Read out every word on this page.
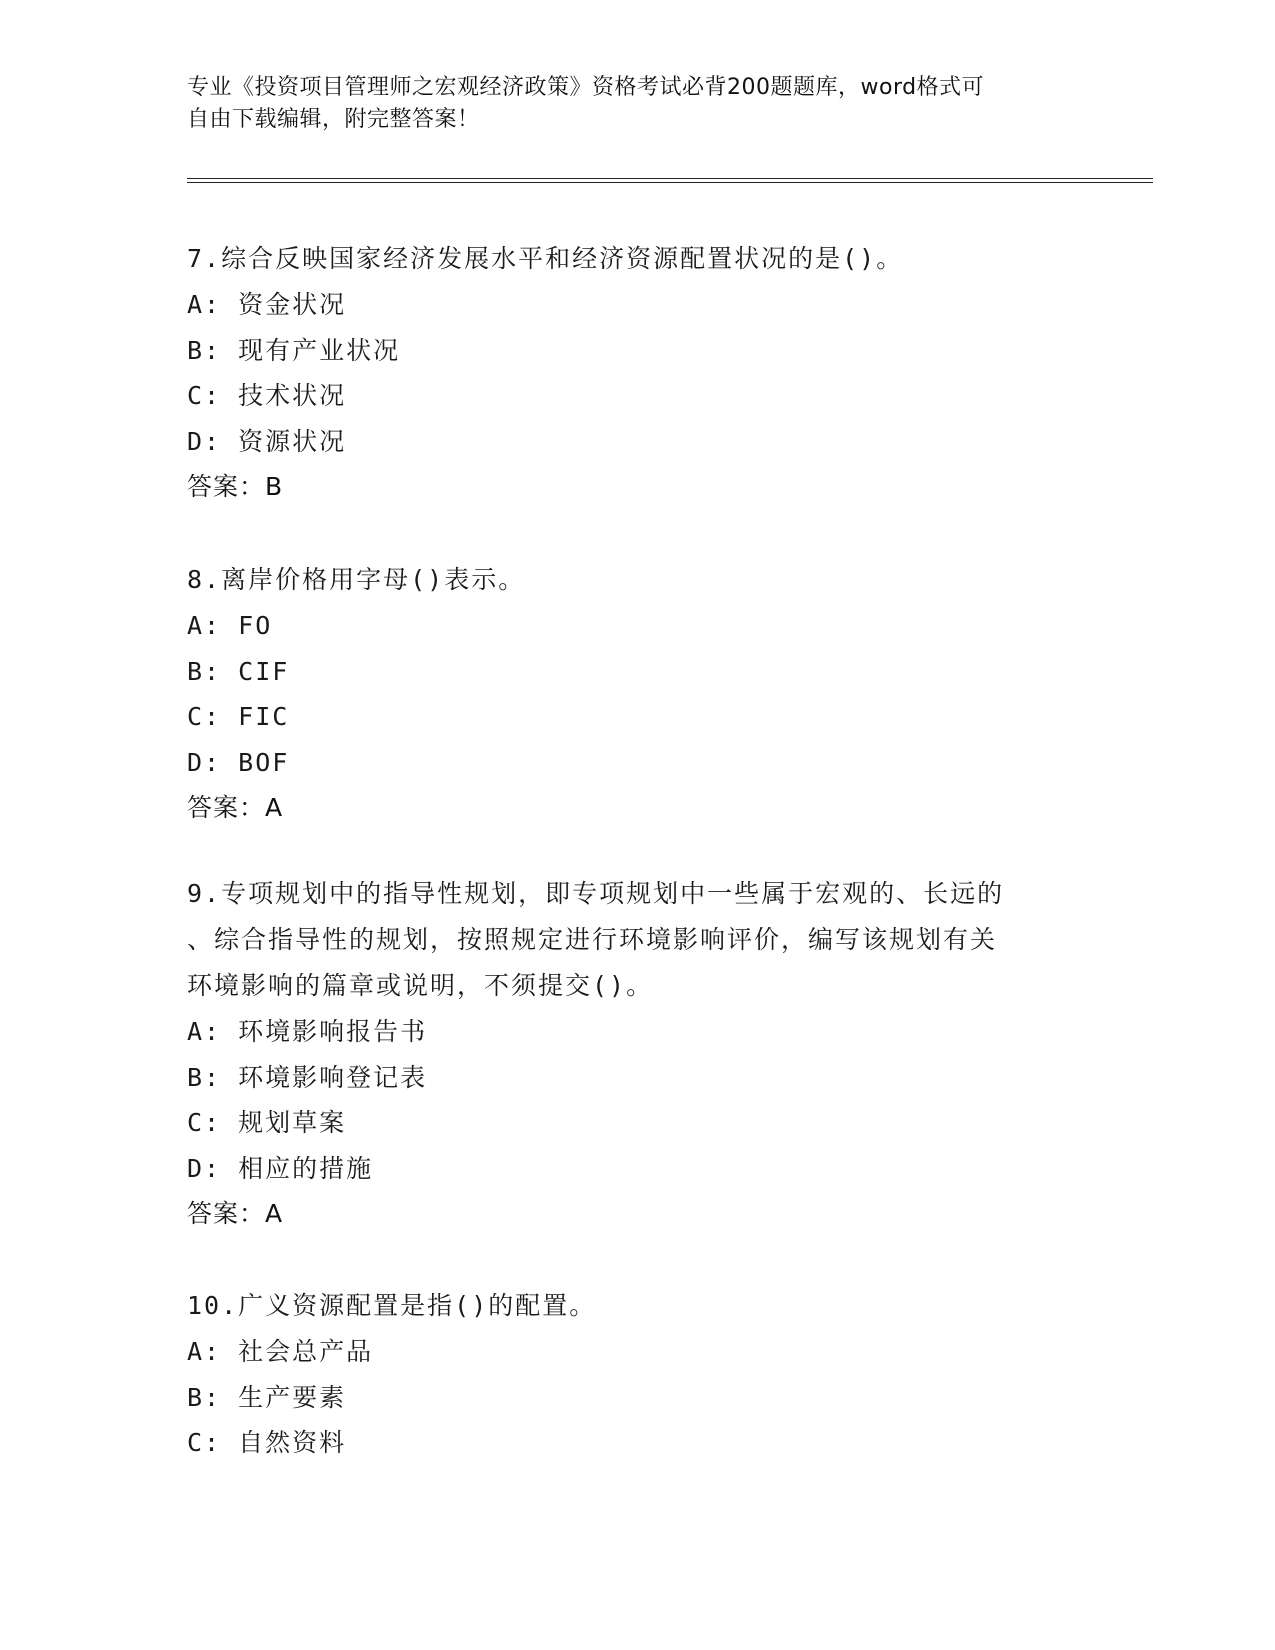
专业《投资项目管理师之宏观经济政策》资格考试必背200题题库，word格式可
自由下载编辑，附完整答案！

7.综合反映国家经济发展水平和经济资源配置状况的是()。

A: 资金状况

B: 现有产业状况

C: 技术状况

D: 资源状况

答案：B

8.离岸价格用字母()表示。

A: FO

B: CIF

C: FIC

D: BOF

答案：A

9.专项规划中的指导性规划，即专项规划中一些属于宏观的、长远的

、综合指导性的规划，按照规定进行环境影响评价，编写该规划有关

环境影响的篇章或说明，不须提交()。

A: 环境影响报告书

B: 环境影响登记表

C: 规划草案

D: 相应的措施

答案：A

10.广义资源配置是指()的配置。

A: 社会总产品

B: 生产要素

C: 自然资料
